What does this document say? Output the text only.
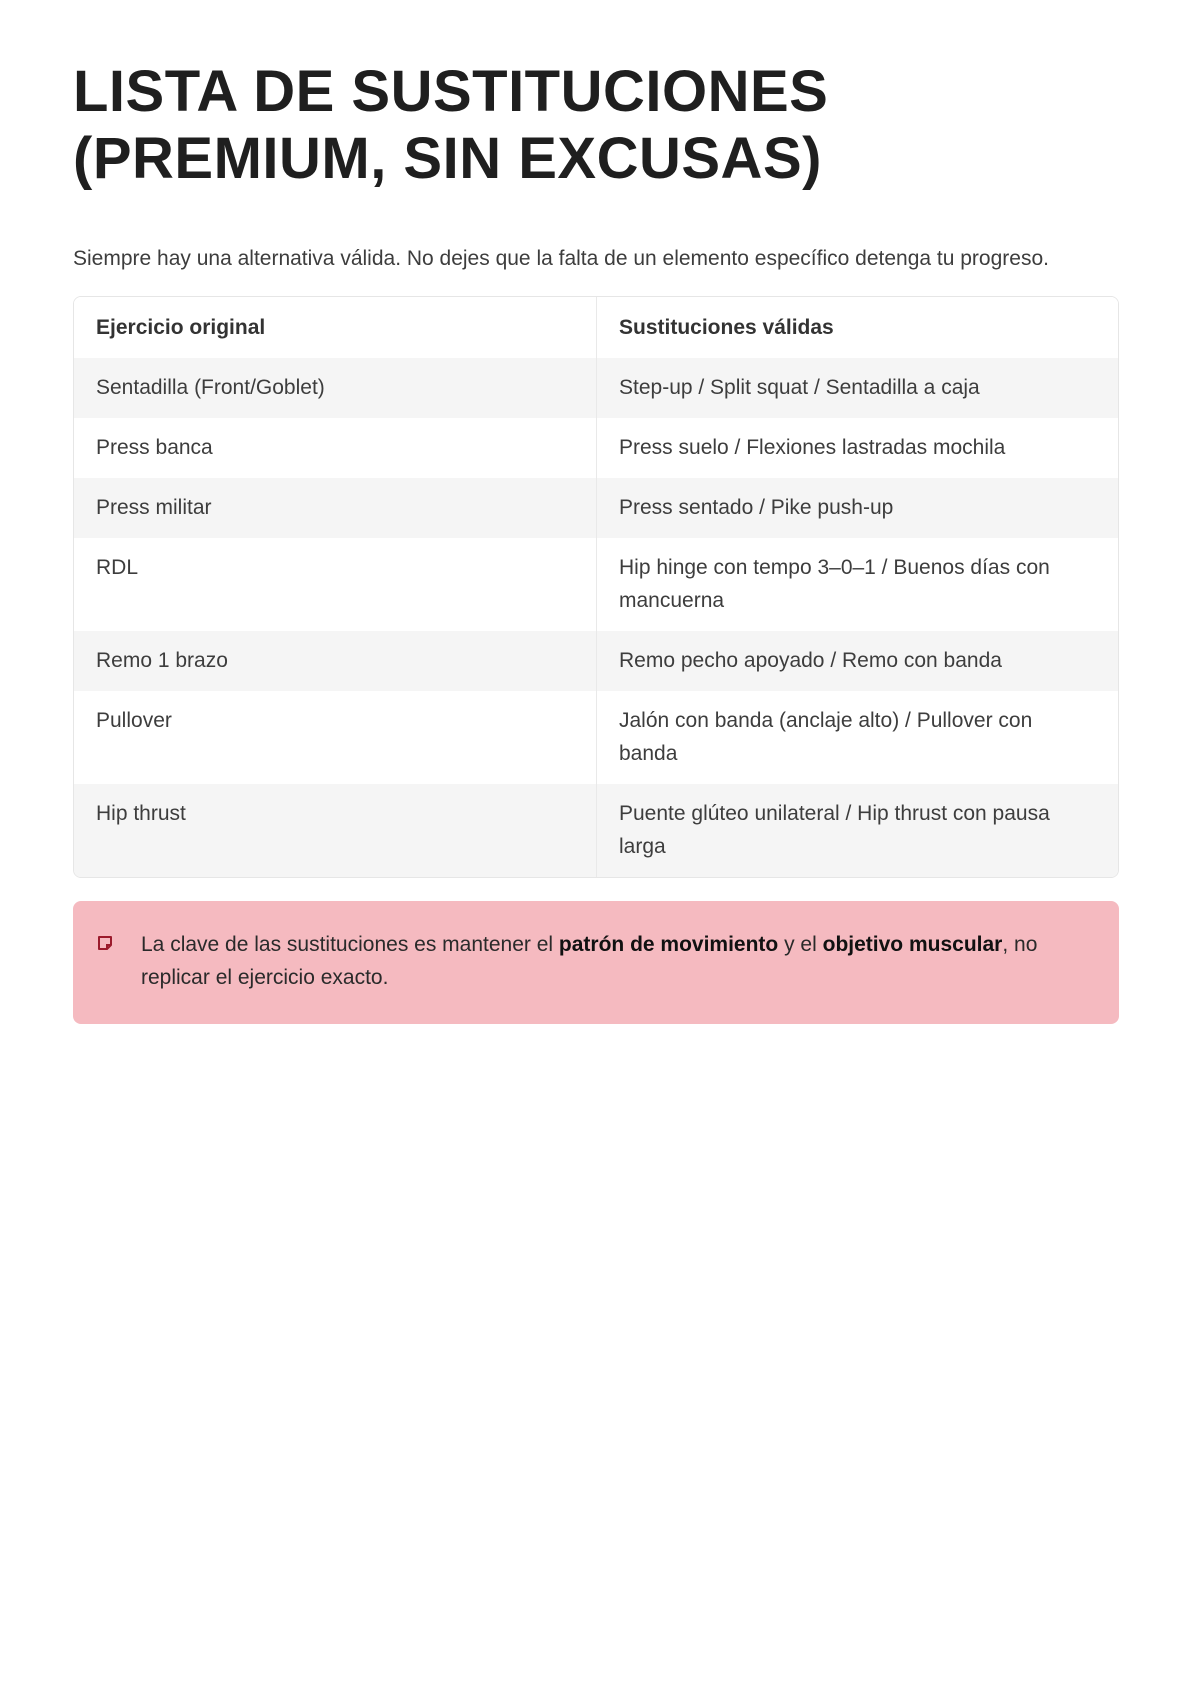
LISTA DE SUSTITUCIONES (PREMIUM, SIN EXCUSAS)

Siempre hay una alternativa válida. No dejes que la falta de un elemento específico detenga tu progreso.

Ejercicio original	Sustituciones válidas
Sentadilla (Front/Goblet)	Step-up / Split squat / Sentadilla a caja
Press banca	Press suelo / Flexiones lastradas mochila
Press militar	Press sentado / Pike push-up
RDL	Hip hinge con tempo 3–0–1 / Buenos días con mancuerna
Remo 1 brazo	Remo pecho apoyado / Remo con banda
Pullover	Jalón con banda (anclaje alto) / Pullover con banda
Hip thrust	Puente glúteo unilateral / Hip thrust con pausa larga
La clave de las sustituciones es mantener el patrón de movimiento y el objetivo muscular, no replicar el ejercicio exacto.
